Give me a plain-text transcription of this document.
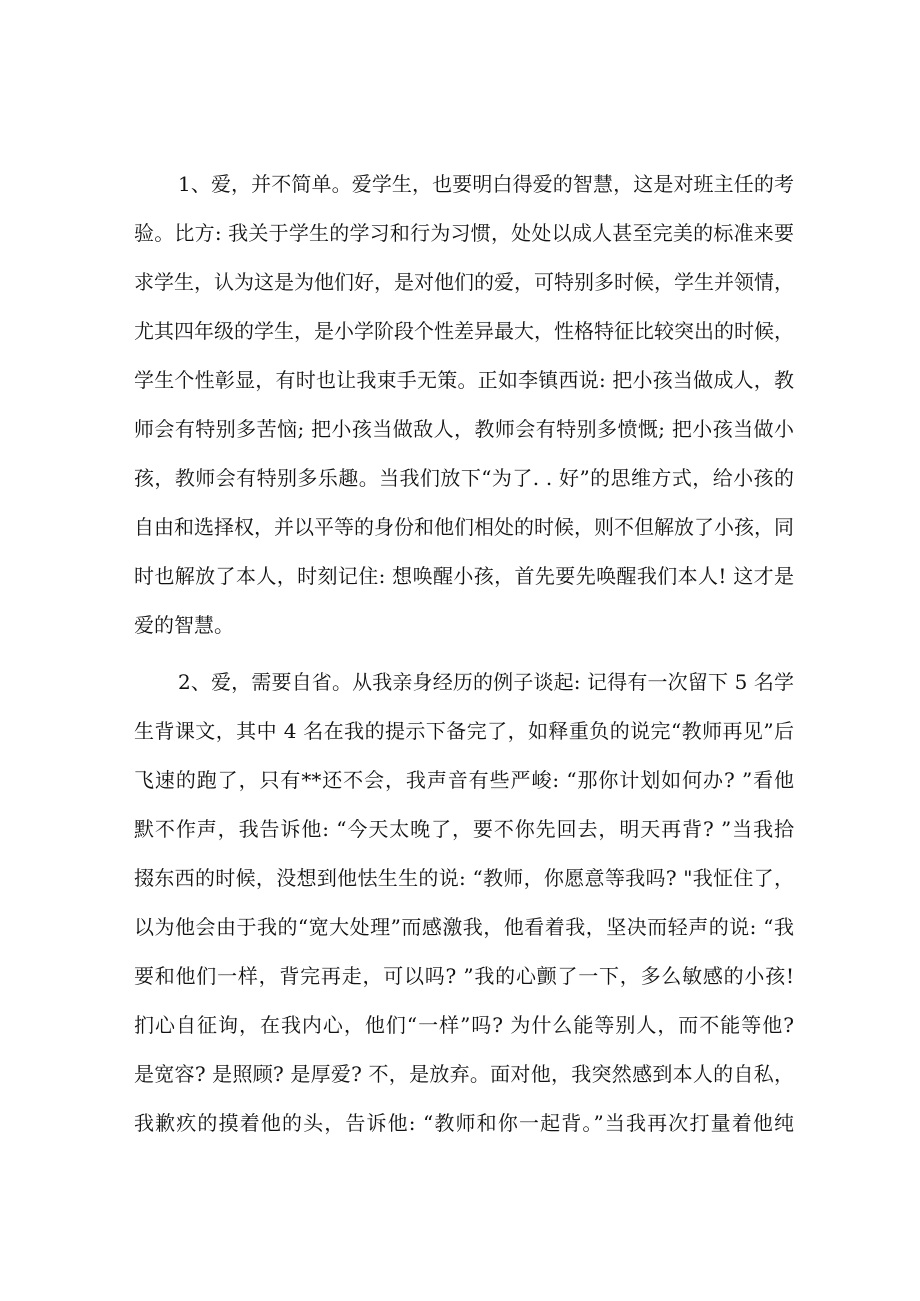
1、爱，并不简单。爱学生，也要明白得爱的智慧，这是对班主任的考
验。比方: 我关于学生的学习和行为习惯，处处以成人甚至完美的标准来要
求学生，认为这是为他们好，是对他们的爱，可特别多时候，学生并领情，
尤其四年级的学生，是小学阶段个性差异最大，性格特征比较突出的时候，
学生个性彰显，有时也让我束手无策。正如李镇西说: 把小孩当做成人，教
师会有特别多苦恼; 把小孩当做敌人，教师会有特别多愤慨; 把小孩当做小
孩，教师会有特别多乐趣。当我们放下“为了. . 好”的思维方式，给小孩的
自由和选择权，并以平等的身份和他们相处的时候，则不但解放了小孩，同
时也解放了本人，时刻记住: 想唤醒小孩，首先要先唤醒我们本人! 这才是
爱的智慧。
2、爱，需要自省。从我亲身经历的例子谈起: 记得有一次留下 5 名学
生背课文，其中 4 名在我的提示下备完了，如释重负的说完“教师再见”后
飞速的跑了，只有**还不会，我声音有些严峻: “那你计划如何办? ”看他
默不作声，我告诉他: “今天太晚了，要不你先回去，明天再背? ”当我拾
掇东西的时候，没想到他怯生生的说: “教师，你愿意等我吗? "我怔住了，
以为他会由于我的“宽大处理”而感激我，他看着我，坚决而轻声的说: “我
要和他们一样，背完再走，可以吗? ”我的心颤了一下，多么敏感的小孩!
扪心自征询，在我内心，他们“一样”吗? 为什么能等别人，而不能等他?
是宽容? 是照顾? 是厚爱? 不，是放弃。面对他，我突然感到本人的自私，
我歉疚的摸着他的头，告诉他: “教师和你一起背。”当我再次打量着他纯
